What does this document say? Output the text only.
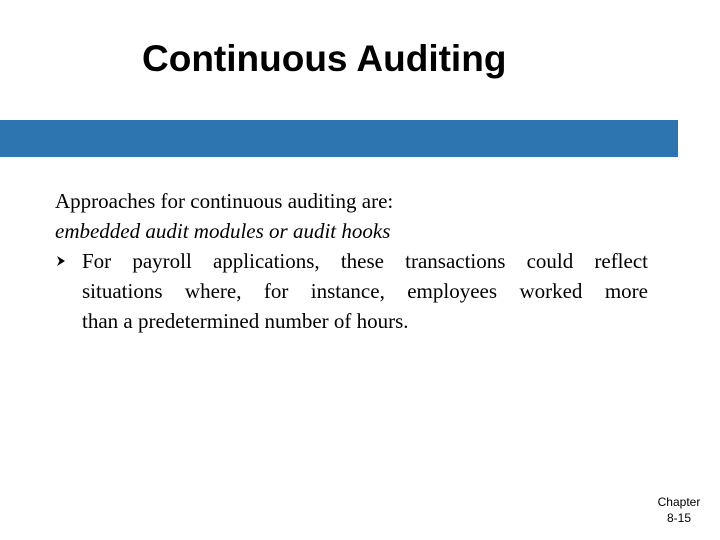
Continuous Auditing
Approaches for continuous auditing are:
embedded audit modules or audit hooks
For payroll applications, these transactions could reflect
situations where, for instance, employees worked more
than a predetermined number of hours.
Chapter
8-15
